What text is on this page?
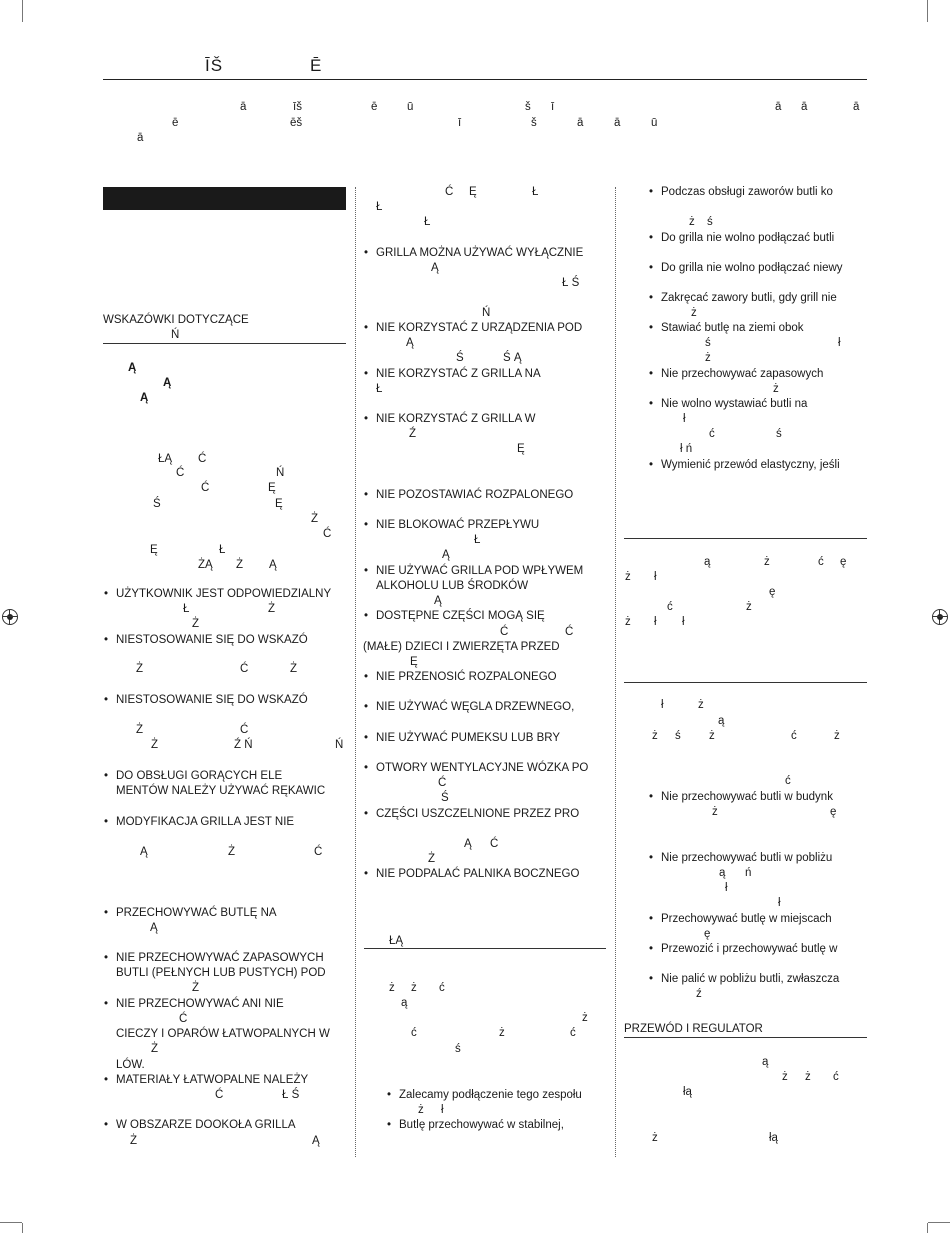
ĪŠ	Ē
ā	īš	ē	ū	š ī	ā ā	ā
ē	ēš	ī	š	ā	ā	ū
ā
WSKAZÓWKI DOTYCZĄCE
Ń
Ą
Ą
Ą
ŁĄ Ć
Ć	Ń
Ć	Ę
Ś	Ę
Ż
Ć
Ę	Ł
ŻĄ Ż Ą
• UŻYTKOWNIK JEST ODPOWIEDZIALNY
Ł	Ż
Ż
• NIESTOSOWANIE SIĘ DO WSKAZÓ
Ż	Ć	Ż
• NIESTOSOWANIE SIĘ DO WSKAZÓ
Ż	Ć
Ż	Ź Ń	Ń
• DO OBSŁUGI GORĄCYCH ELE
MENTÓW NALEŻY UŻYWAĆ RĘKAWIC
• MODYFIKACJA GRILLA JEST NIE
Ą	Ż	Ć
• PRZECHOWYWAĆ BUTLĘ NA
Ą
• NIE PRZECHOWYWAĆ ZAPASOWYCH
BUTLI (PEŁNYCH LUB PUSTYCH) POD
Ż
• NIE PRZECHOWYWAĆ ANI NIE
Ć
CIECZY I OPARÓW ŁATWOPALNYCH W
Ż
LÓW.
• MATERIAŁY ŁATWOPALNE NALEŻY
Ć	Ł Ś
• W OBSZARZE DOOKOŁA GRILLA
Ż	Ą
Ć Ę	Ł
Ł
Ł
• GRILLA MOŻNA UŻYWAĆ WYŁĄCZNIE
Ą
Ł Ś
Ń
• NIE KORZYSTAĆ Z URZĄDZENIA POD
Ą
Ś	Ś Ą
• NIE KORZYSTAĆ Z GRILLA NA
Ł
• NIE KORZYSTAĆ Z GRILLA W
Ź
Ę
• NIE POZOSTAWIAĆ ROZPALONEGO
• NIE BLOKOWAĆ PRZEPŁYWU
Ł
Ą
• NIE UŻYWAĆ GRILLA POD WPŁYWEM
ALKOHOLU LUB ŚRODKÓW
Ą
• DOSTĘPNE CZĘŚCI MOGĄ SIĘ
Ć	Ć
(MAŁE) DZIECI I ZWIERZĘTA PRZED
Ę
• NIE PRZENOSIĆ ROZPALONEGO
• NIE UŻYWAĆ WĘGLA DRZEWNEGO,
• NIE UŻYWAĆ PUMEKSU LUB BRY
• OTWORY WENTYLACYJNE WÓZKA PO
Ć
Ś
• CZĘŚCI USZCZELNIONE PRZEZ PRO
Ą Ć
Ż
• NIE PODPALAĆ PALNIKA BOCZNEGO
ŁĄ
ż ż ć
ą
ż
ć	ż	ć
ś
• Zalecamy podłączenie tego zespołu
ż ł
• Butlę przechowywać w stabilnej,
• Podczas obsługi zaworów butli ko
ż ś
• Do grilla nie wolno podłączać butli
• Do grilla nie wolno podłączać niewy
• Zakręcać zawory butli, gdy grill nie
ż
• Stawiać butlę na ziemi obok
ś	ł
ż
• Nie przechowywać zapasowych
ż
• Nie wolno wystawiać butli na
ł
ć	ś
ł ń
• Wymienić przewód elastyczny, jeśli
ą	ż	ć ę
ż ł
ę
ć	ż
ż ł ł
ł	ż
ą
ż ś ż	ć	ż
ć
• Nie przechowywać butli w budynk
ż	ę
• Nie przechowywać butli w pobliżu
ą ń
ł
ł
• Przechowywać butlę w miejscach
ę
• Przewozić i przechowywać butlę w
• Nie palić w pobliżu butli, zwłaszcza
ź
PRZEWÓD I REGULATOR
ą
ż ż ć
łą
ż	łą
